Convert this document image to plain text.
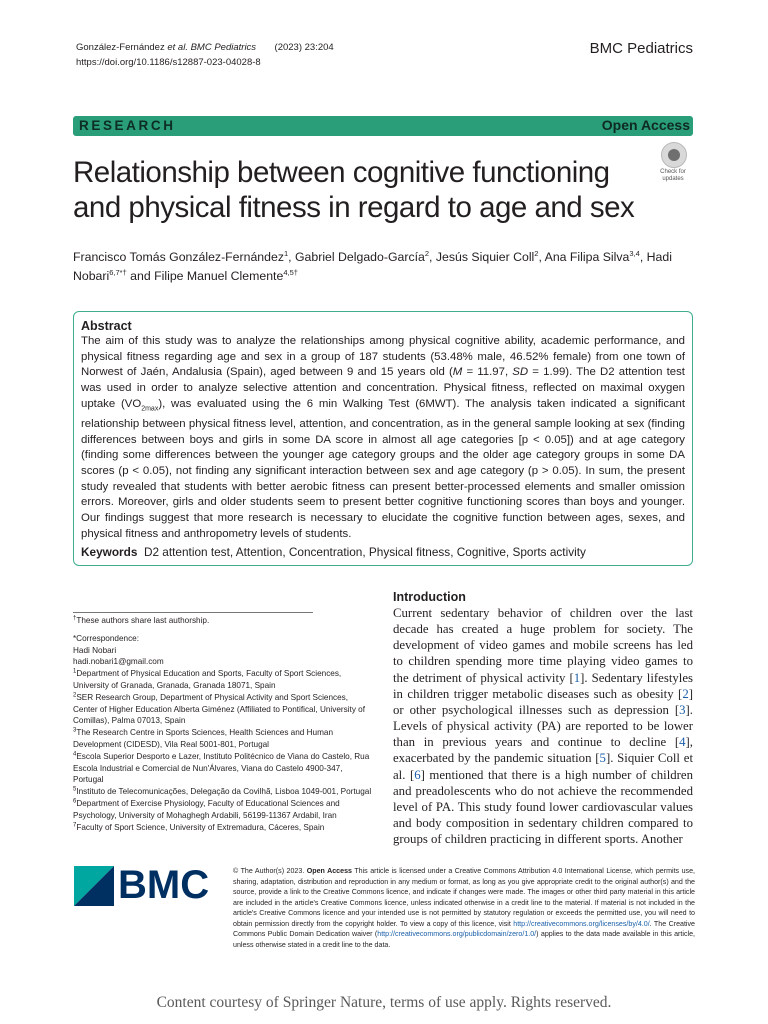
González-Fernández et al. BMC Pediatrics (2023) 23:204
https://doi.org/10.1186/s12887-023-04028-8
BMC Pediatrics
RESEARCH	Open Access
Check for
updates
Relationship between cognitive functioning and physical fitness in regard to age and sex
Francisco Tomás González-Fernández$^1$, Gabriel Delgado-García$^2$, Jesús Siquier Coll$^2$, Ana Filipa Silva$^{3,4}$, Hadi Nobari$^{6,7*\dagger}$ and Filipe Manuel Clemente$^{4,5\dagger}$
Abstract

The aim of this study was to analyze the relationships among physical cognitive ability, academic performance, and physical fitness regarding age and sex in a group of 187 students (53.48% male, 46.52% female) from one town of Norwest of Jaén, Andalusia (Spain), aged between 9 and 15 years old (M = 11.97, SD = 1.99). The D2 attention test was used in order to analyze selective attention and concentration. Physical fitness, reflected on maximal oxygen uptake $(VO_{2max})$, was evaluated using the 6 min Walking Test (6MWT). The analysis taken indicated a significant relationship between physical fitness level, attention, and concentration, as in the general sample looking at sex (finding differences between boys and girls in some DA score in almost all age categories [p < 0.05]) and at age category (finding some differences between the younger age category groups and the older age category groups in some DA scores (p < 0.05), not finding any significant interaction between sex and age category (p > 0.05). In sum, the present study revealed that students with better aerobic fitness can present better-processed elements and smaller omission errors. Moreover, girls and older students seem to present better cognitive functioning scores than boys and younger. Our findings suggest that more research is necessary to elucidate the cognitive function between ages, sexes, and physical fitness and anthropometry levels of students.

Keywords D2 attention test, Attention, Concentration, Physical fitness, Cognitive, Sports activity

†These authors share last authorship.

*Correspondence:

Hadi Nobari

hadi.nobari1@gmail.com

$^1$Department of Physical Education and Sports, Faculty of Sport Sciences, University of Granada, Granada, Granada 18071, Spain

$^2$SER Research Group, Department of Physical Activity and Sport Sciences, Center of Higher Education Alberta Giménez (Affiliated to Pontifical, University of Comillas), Palma 07013, Spain

$^3$The Research Centre in Sports Sciences, Health Sciences and Human Development (CIDESD), Vila Real 5001-801, Portugal

$^4$Escola Superior Desporto e Lazer, Instituto Politécnico de Viana do Castelo, Rua Escola Industrial e Comercial de Nun'Álvares, Viana do Castelo 4900-347, Portugal

$^5$Instituto de Telecomunicações, Delegação da Covilhã, Lisboa 1049-001, Portugal

$^6$Department of Exercise Physiology, Faculty of Educational Sciences and Psychology, University of Mohaghegh Ardabili, 56199-11367 Ardabil, Iran

$^7$Faculty of Sport Science, University of Extremadura, Cáceres, Spain

Introduction

Current sedentary behavior of children over the last decade has created a huge problem for society. The development of video games and mobile screens has led to children spending more time playing video games to the detriment of physical activity [1]. Sedentary lifestyles in children trigger metabolic diseases such as obesity [2] or other psychological illnesses such as depression [3]. Levels of physical activity (PA) are reported to be lower than in previous years and continue to decline [4], exacerbated by the pandemic situation [5]. Siquier Coll et al. [6] mentioned that there is a high number of children and preadolescents who do not achieve the recommended level of PA. This study found lower cardiovascular values and body composition in sedentary children compared to groups of children practicing in different sports. Another

BMC	© The Author(s) 2023. Open Access This article is licensed under a Creative Commons Attribution 4.0 International License, which permits use, sharing, adaptation, distribution and reproduction in any medium or format, as long as you give appropriate credit to the original author(s) and the source, provide a link to the Creative Commons licence, and indicate if changes were made. The images or other third party material in this article are included in the article's Creative Commons licence, unless indicated otherwise in a credit line to the material. If material is not included in the article's Creative Commons licence and your intended use is not permitted by statutory regulation or exceeds the permitted use, you will need to obtain permission directly from the copyright holder. To view a copy of this licence, visit http://creativecommons.org/licenses/by/4.0/. The Creative Commons Public Domain Dedication waiver (http://creativecommons.org/publicdomain/zero/1.0/) applies to the data made available in this article, unless otherwise stated in a credit line to the data.
Content courtesy of Springer Nature, terms of use apply. Rights reserved.
